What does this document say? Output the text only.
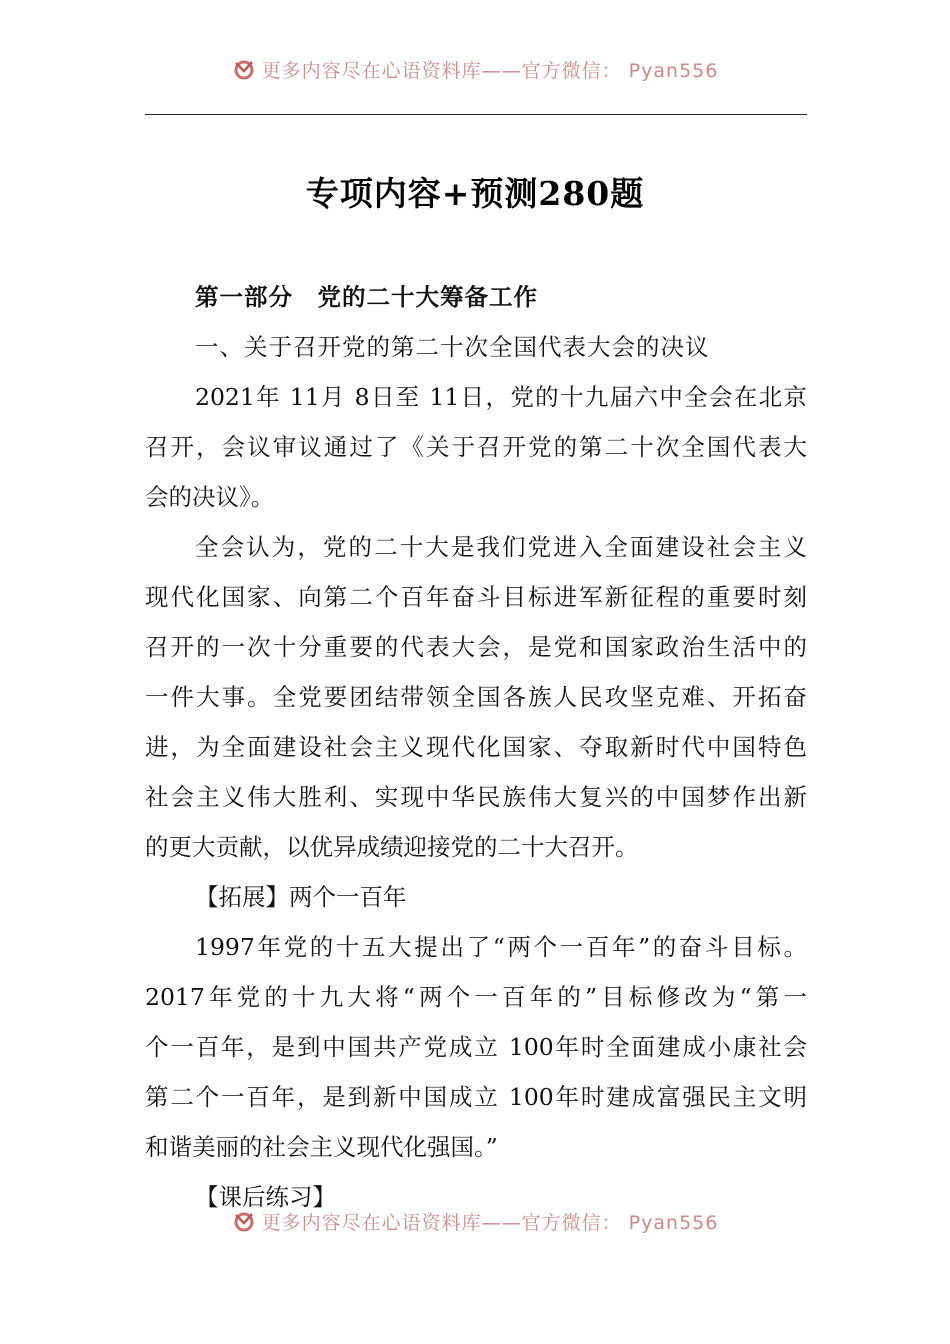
更多内容尽在心语资料库——官方微信： Pyan556
专项内容+预测280题
第一部分　党的二十大筹备工作
一、关于召开党的第二十次全国代表大会的决议
2021年 11月 8日至 11日，党的十九届六中全会在北京
召开，会议审议通过了《关于召开党的第二十次全国代表大
会的决议》。
全会认为，党的二十大是我们党进入全面建设社会主义
现代化国家、向第二个百年奋斗目标进军新征程的重要时刻
召开的一次十分重要的代表大会，是党和国家政治生活中的
一件大事。全党要团结带领全国各族人民攻坚克难、开拓奋
进，为全面建设社会主义现代化国家、夺取新时代中国特色
社会主义伟大胜利、实现中华民族伟大复兴的中国梦作出新
的更大贡献，以优异成绩迎接党的二十大召开。
【拓展】两个一百年
1997年党的十五大提出了“两个一百年”的奋斗目标。
2017年党的十九大将“两个一百年的”目标修改为“第一
个一百年，是到中国共产党成立 100年时全面建成小康社会
第二个一百年，是到新中国成立 100年时建成富强民主文明
和谐美丽的社会主义现代化强国。”
【课后练习】
更多内容尽在心语资料库——官方微信： Pyan556
